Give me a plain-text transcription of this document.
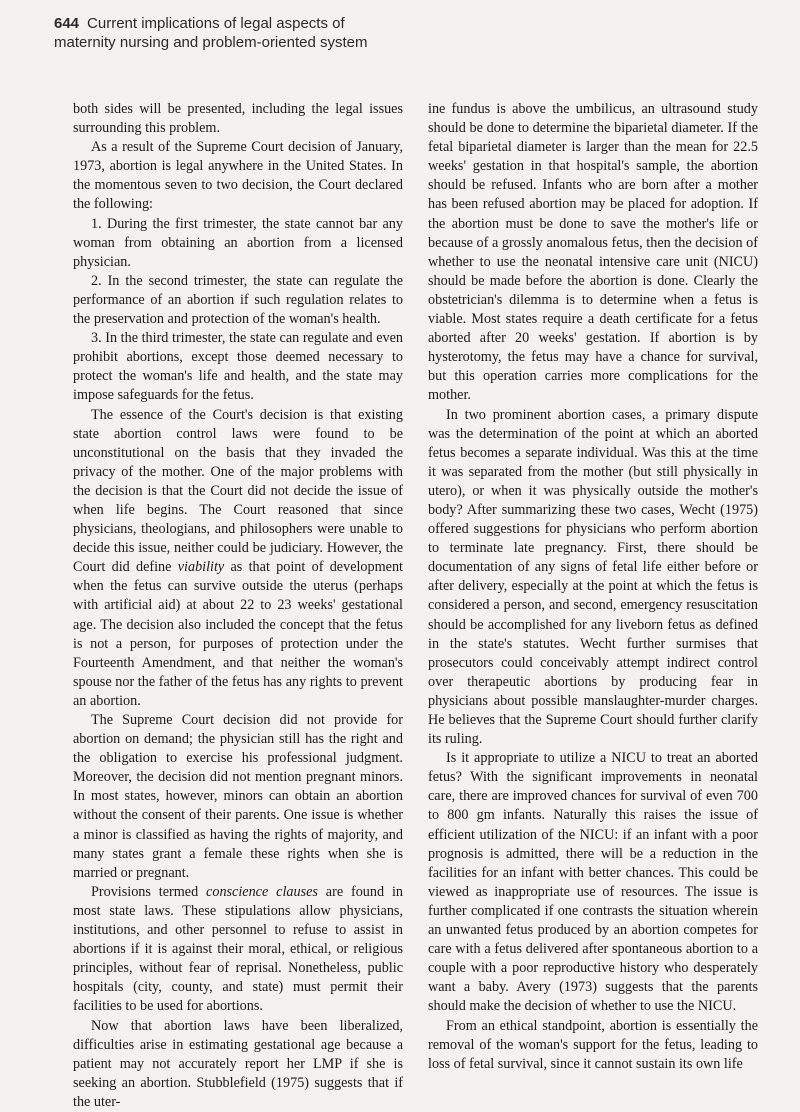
644 Current implications of legal aspects of
maternity nursing and problem-oriented system

both sides will be presented, including the legal issues surrounding this problem.

As a result of the Supreme Court decision of January, 1973, abortion is legal anywhere in the United States. In the momentous seven to two decision, the Court declared the following:

1. During the first trimester, the state cannot bar any woman from obtaining an abortion from a licensed physician.

2. In the second trimester, the state can regulate the performance of an abortion if such regulation relates to the preservation and protection of the woman's health.

3. In the third trimester, the state can regulate and even prohibit abortions, except those deemed necessary to protect the woman's life and health, and the state may impose safeguards for the fetus.

The essence of the Court's decision is that existing state abortion control laws were found to be unconstitutional on the basis that they invaded the privacy of the mother. One of the major problems with the decision is that the Court did not decide the issue of when life begins. The Court reasoned that since physicians, theologians, and philosophers were unable to decide this issue, neither could be judiciary. However, the Court did define viability as that point of development when the fetus can survive outside the uterus (perhaps with artificial aid) at about 22 to 23 weeks' gestational age. The decision also included the concept that the fetus is not a person, for purposes of protection under the Fourteenth Amendment, and that neither the woman's spouse nor the father of the fetus has any rights to prevent an abortion.

The Supreme Court decision did not provide for abortion on demand; the physician still has the right and the obligation to exercise his professional judgment. Moreover, the decision did not mention pregnant minors. In most states, however, minors can obtain an abortion without the consent of their parents. One issue is whether a minor is classified as having the rights of majority, and many states grant a female these rights when she is married or pregnant.

Provisions termed conscience clauses are found in most state laws. These stipulations allow physicians, institutions, and other personnel to refuse to assist in abortions if it is against their moral, ethical, or religious principles, without fear of reprisal. Nonetheless, public hospitals (city, county, and state) must permit their facilities to be used for abortions.

Now that abortion laws have been liberalized, difficulties arise in estimating gestational age because a patient may not accurately report her LMP if she is seeking an abortion. Stubblefield (1975) suggests that if the uter-

ine fundus is above the umbilicus, an ultrasound study should be done to determine the biparietal diameter. If the fetal biparietal diameter is larger than the mean for 22.5 weeks' gestation in that hospital's sample, the abortion should be refused. Infants who are born after a mother has been refused abortion may be placed for adoption. If the abortion must be done to save the mother's life or because of a grossly anomalous fetus, then the decision of whether to use the neonatal intensive care unit (NICU) should be made before the abortion is done. Clearly the obstetrician's dilemma is to determine when a fetus is viable. Most states require a death certificate for a fetus aborted after 20 weeks' gestation. If abortion is by hysterotomy, the fetus may have a chance for survival, but this operation carries more complications for the mother.

In two prominent abortion cases, a primary dispute was the determination of the point at which an aborted fetus becomes a separate individual. Was this at the time it was separated from the mother (but still physically in utero), or when it was physically outside the mother's body? After summarizing these two cases, Wecht (1975) offered suggestions for physicians who perform abortion to terminate late pregnancy. First, there should be documentation of any signs of fetal life either before or after delivery, especially at the point at which the fetus is considered a person, and second, emergency resuscitation should be accomplished for any liveborn fetus as defined in the state's statutes. Wecht further surmises that prosecutors could conceivably attempt indirect control over therapeutic abortions by producing fear in physicians about possible manslaughter-murder charges. He believes that the Supreme Court should further clarify its ruling.

Is it appropriate to utilize a NICU to treat an aborted fetus? With the significant improvements in neonatal care, there are improved chances for survival of even 700 to 800 gm infants. Naturally this raises the issue of efficient utilization of the NICU: if an infant with a poor prognosis is admitted, there will be a reduction in the facilities for an infant with better chances. This could be viewed as inappropriate use of resources. The issue is further complicated if one contrasts the situation wherein an unwanted fetus produced by an abortion competes for care with a fetus delivered after spontaneous abortion to a couple with a poor reproductive history who desperately want a baby. Avery (1973) suggests that the parents should make the decision of whether to use the NICU.

From an ethical standpoint, abortion is essentially the removal of the woman's support for the fetus, leading to loss of fetal survival, since it cannot sustain its own life
